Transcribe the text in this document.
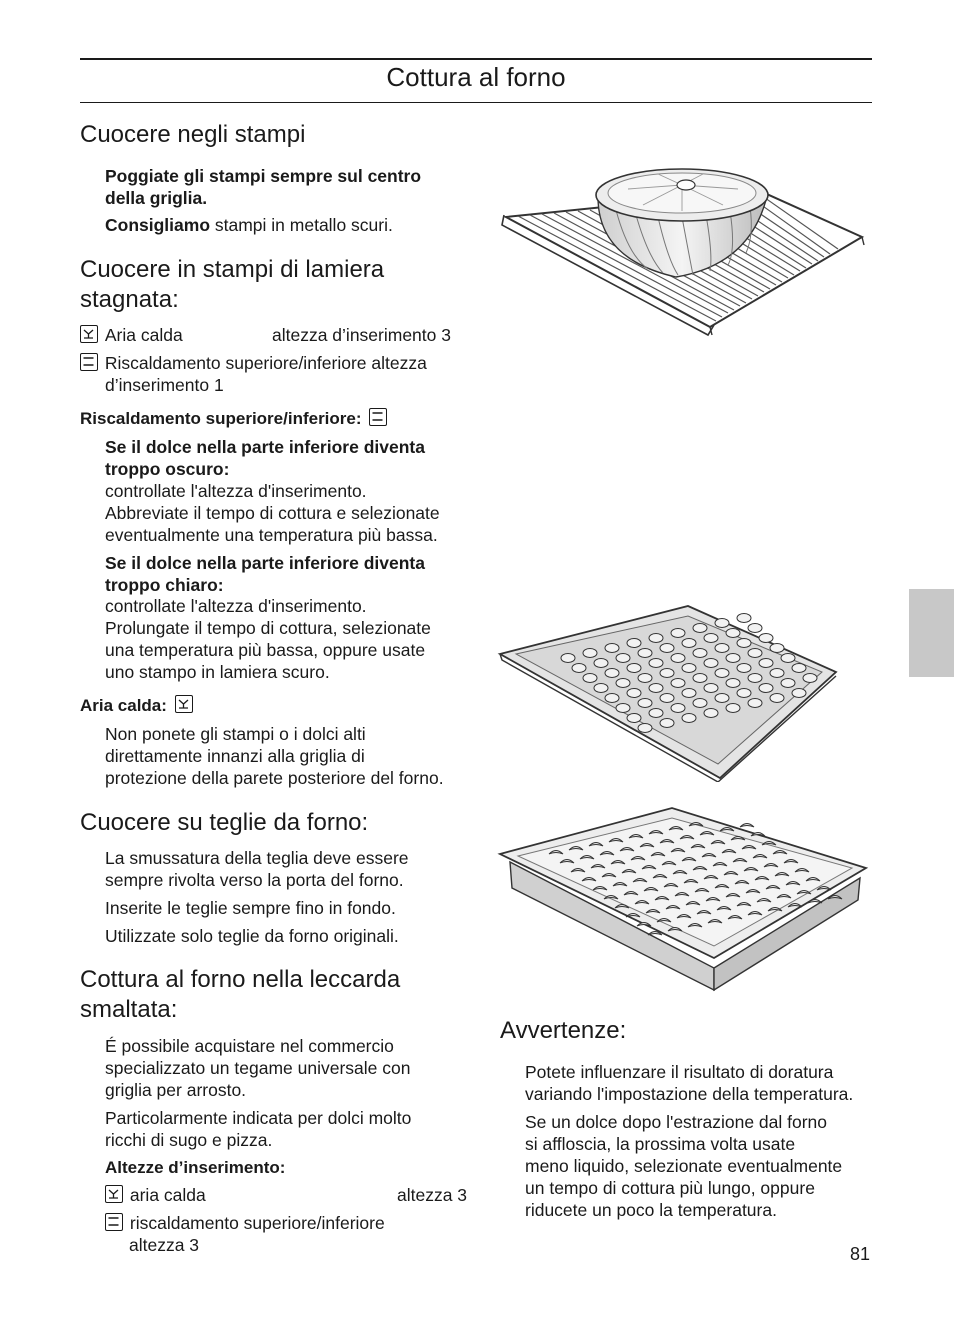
Cottura al forno
Cuocere negli stampi
Poggiate gli stampi sempre sul centro
della griglia.
Consigliamo stampi in metallo scuri.
Cuocere in stampi di lamiera
stagnata:
Aria calda	altezza d’inserimento 3
Riscaldamento superiore/inferiore altezza
d’inserimento 1
Riscaldamento superiore/inferiore:
Se il dolce nella parte inferiore diventa
troppo oscuro:
controllate l'altezza d'inserimento.
Abbreviate il tempo di cottura e selezionate
eventualmente una temperatura più bassa.
Se il dolce nella parte inferiore diventa
troppo chiaro:
controllate l'altezza d'inserimento.
Prolungate il tempo di cottura, selezionate
una temperatura più bassa, oppure usate
uno stampo in lamiera scuro.
Aria calda:
Non ponete gli stampi o i dolci alti
direttamente innanzi alla griglia di
protezione della parete posteriore del forno.
Cuocere su teglie da forno:
La smussatura della teglia deve essere
sempre rivolta verso la porta del forno.
Inserite le teglie sempre fino in fondo.
Utilizzate solo teglie da forno originali.
Cottura al forno nella leccarda
smaltata:
É possibile acquistare nel commercio
specializzato un tegame universale con
griglia per arrosto.
Particolarmente indicata per dolci molto
ricchi di sugo e pizza.
Altezze d’inserimento:
aria calda	altezza 3
riscaldamento superiore/inferiore
altezza 3
Avvertenze:
Potete influenzare il risultato di doratura
variando l'impostazione della temperatura.
Se un dolce dopo l'estrazione dal forno
si affloscia, la prossima volta usate
meno liquido, selezionate eventualmente
un tempo di cottura più lungo, oppure
riducete un poco la temperatura.
81
